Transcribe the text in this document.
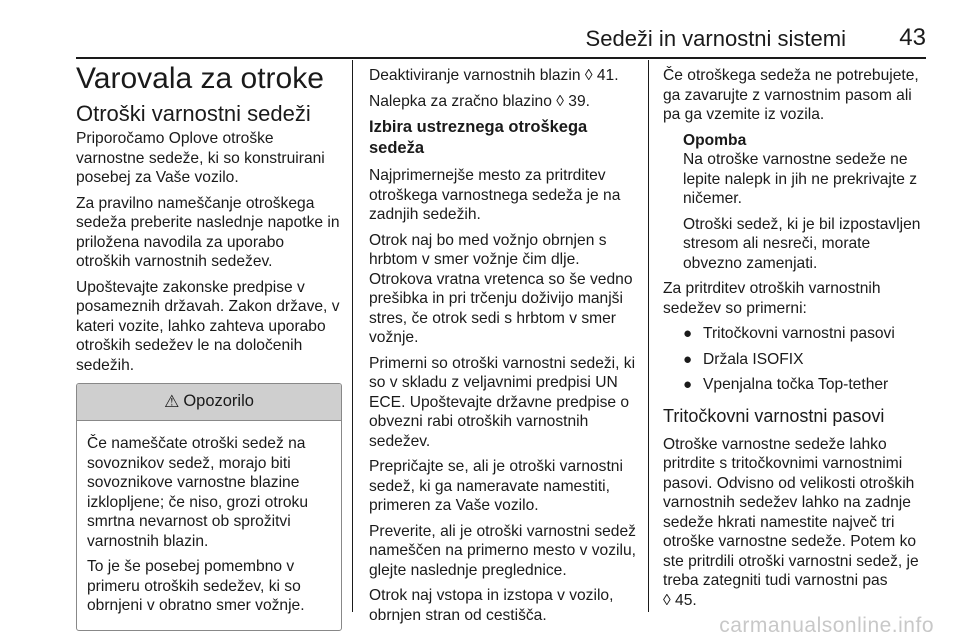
Sedeži in varnostni sistemi 43
Varovala za otroke
Otroški varnostni sedeži

Priporočamo Oplove otroške varnostne sedeže, ki so konstruirani posebej za Vaše vozilo.

Za pravilno nameščanje otroškega sedeža preberite naslednje napotke in priložena navodila za uporabo otroških varnostnih sedežev.

Upoštevajte zakonske predpise v posameznih državah. Zakon države, v kateri vozite, lahko zahteva uporabo otroških sedežev le na določenih sedežih.

⚠ Opozorilo

Če nameščate otroški sedež na sovoznikov sedež, morajo biti sovoznikove varnostne blazine izklopljene; če niso, grozi otroku smrtna nevarnost ob sprožitvi varnostnih blazin.

To je še posebej pomembno v primeru otroških sedežev, ki so obrnjeni v obratno smer vožnje.

Deaktiviranje varnostnih blazin ◊ 41.

Nalepka za zračno blazino ◊ 39.

Izbira ustreznega otroškega sedeža

Najprimernejše mesto za pritrditev otroškega varnostnega sedeža je na zadnjih sedežih.

Otrok naj bo med vožnjo obrnjen s hrbtom v smer vožnje čim dlje. Otrokova vratna vretenca so še vedno prešibka in pri trčenju doživijo manjši stres, če otrok sedi s hrbtom v smer vožnje.

Primerni so otroški varnostni sedeži, ki so v skladu z veljavnimi predpisi UN ECE. Upoštevajte državne predpise o obvezni rabi otroških varnostnih sedežev.

Prepričajte se, ali je otroški varnostni sedež, ki ga nameravate namestiti, primeren za Vaše vozilo.

Preverite, ali je otroški varnostni sedež nameščen na primerno mesto v vozilu, glejte naslednje preglednice.

Otrok naj vstopa in izstopa v vozilo, obrnjen stran od cestišča.

Če otroškega sedeža ne potrebujete, ga zavarujte z varnostnim pasom ali pa ga vzemite iz vozila.

Opomba

Na otroške varnostne sedeže ne lepite nalepk in jih ne prekrivajte z ničemer.

Otroški sedež, ki je bil izpostavljen stresom ali nesreči, morate obvezno zamenjati.

Za pritrditev otroških varnostnih sedežev so primerni:

● Tritočkovni varnostni pasovi
● Držala ISOFIX
● Vpenjalna točka Top-tether
Tritočkovni varnostni pasovi

Otroške varnostne sedeže lahko pritrdite s tritočkovnimi varnostnimi pasovi. Odvisno od velikosti otroških varnostnih sedežev lahko na zadnje sedeže hkrati namestite največ tri otroške varnostne sedeže. Potem ko ste pritrdili otroški varnostni sedež, je treba zategniti tudi varnostni pas
◊ 45.

carmanualsonline.info
